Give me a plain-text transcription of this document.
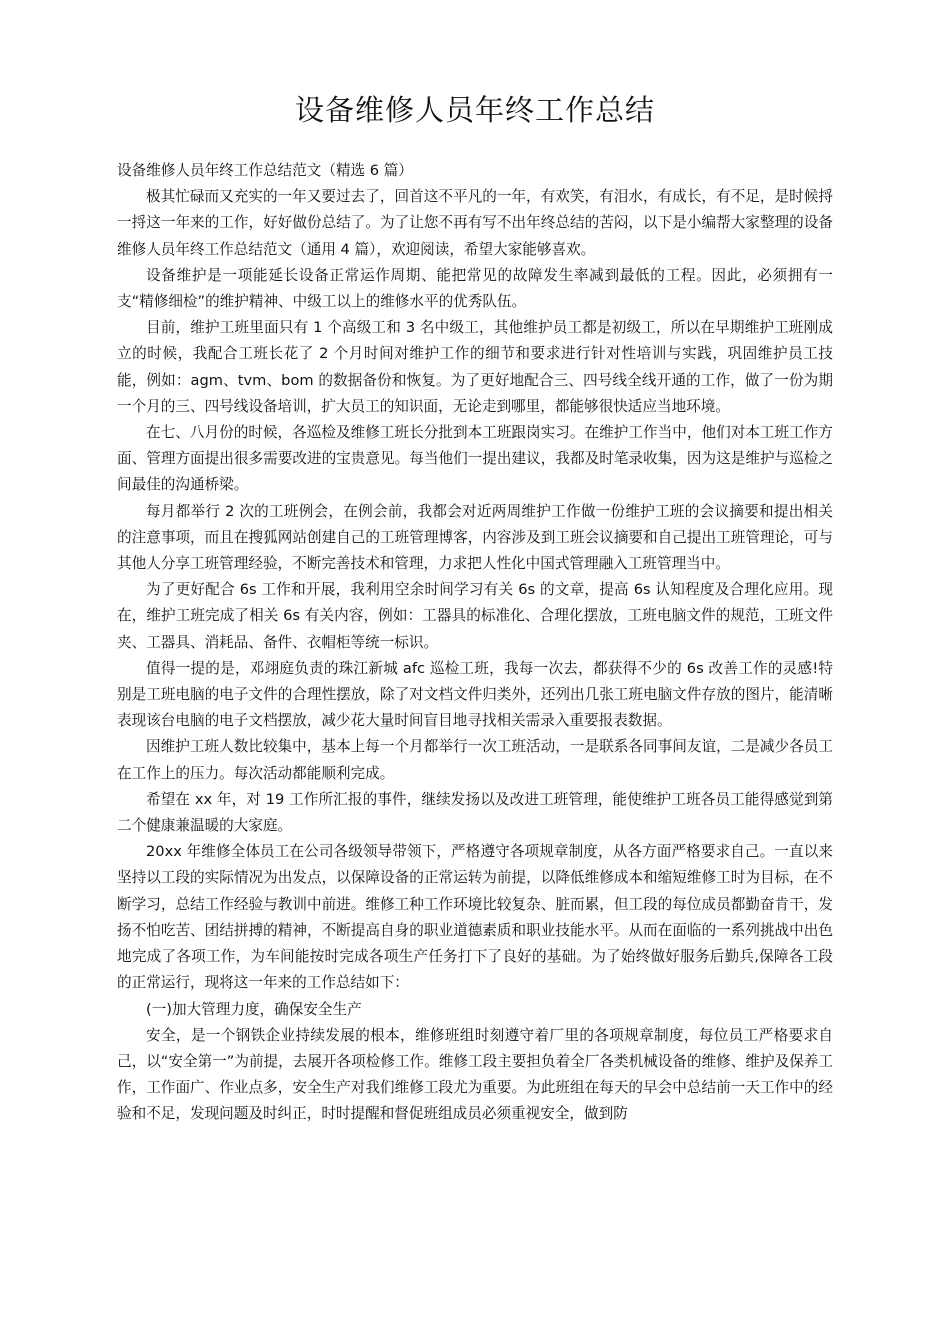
设备维修人员年终工作总结

设备维修人员年终工作总结范文（精选 6 篇）

极其忙碌而又充实的一年又要过去了，回首这不平凡的一年，有欢笑，有泪水，有成长，有不足，是时候捋一捋这一年来的工作，好好做份总结了。为了让您不再有写不出年终总结的苦闷，以下是小编帮大家整理的设备维修人员年终工作总结范文（通用 4 篇），欢迎阅读，希望大家能够喜欢。

设备维护是一项能延长设备正常运作周期、能把常见的故障发生率减到最低的工程。因此，必须拥有一支“精修细检”的维护精神、中级工以上的维修水平的优秀队伍。

目前，维护工班里面只有 1 个高级工和 3 名中级工，其他维护员工都是初级工，所以在早期维护工班刚成立的时候，我配合工班长花了 2 个月时间对维护工作的细节和要求进行针对性培训与实践，巩固维护员工技能，例如：agm、tvm、bom 的数据备份和恢复。为了更好地配合三、四号线全线开通的工作，做了一份为期一个月的三、四号线设备培训，扩大员工的知识面，无论走到哪里，都能够很快适应当地环境。

在七、八月份的时候，各巡检及维修工班长分批到本工班跟岗实习。在维护工作当中，他们对本工班工作方面、管理方面提出很多需要改进的宝贵意见。每当他们一提出建议，我都及时笔录收集，因为这是维护与巡检之间最佳的沟通桥梁。

每月都举行 2 次的工班例会，在例会前，我都会对近两周维护工作做一份维护工班的会议摘要和提出相关的注意事项，而且在搜狐网站创建自己的工班管理博客，内容涉及到工班会议摘要和自己提出工班管理论，可与其他人分享工班管理经验，不断完善技术和管理，力求把人性化中国式管理融入工班管理当中。

为了更好配合 6s 工作和开展，我利用空余时间学习有关 6s 的文章，提高 6s 认知程度及合理化应用。现在，维护工班完成了相关 6s 有关内容，例如：工器具的标准化、合理化摆放，工班电脑文件的规范，工班文件夹、工器具、消耗品、备件、衣帽柜等统一标识。

值得一提的是，邓翊庭负责的珠江新城 afc 巡检工班，我每一次去，都获得不少的 6s 改善工作的灵感!特别是工班电脑的电子文件的合理性摆放，除了对文档文件归类外，还列出几张工班电脑文件存放的图片，能清晰表现该台电脑的电子文档摆放，减少花大量时间盲目地寻找相关需录入重要报表数据。

因维护工班人数比较集中，基本上每一个月都举行一次工班活动，一是联系各同事间友谊，二是减少各员工在工作上的压力。每次活动都能顺利完成。

希望在 xx 年，对 19 工作所汇报的事件，继续发扬以及改进工班管理，能使维护工班各员工能得感觉到第二个健康兼温暖的大家庭。

20xx 年维修全体员工在公司各级领导带领下，严格遵守各项规章制度，从各方面严格要求自己。一直以来坚持以工段的实际情况为出发点，以保障设备的正常运转为前提，以降低维修成本和缩短维修工时为目标，在不断学习，总结工作经验与教训中前进。维修工种工作环境比较复杂、脏而累，但工段的每位成员都勤奋肯干，发扬不怕吃苦、团结拼搏的精神，不断提高自身的职业道德素质和职业技能水平。从而在面临的一系列挑战中出色地完成了各项工作，为车间能按时完成各项生产任务打下了良好的基础。为了始终做好服务后勤兵,保障各工段的正常运行，现将这一年来的工作总结如下：

(一)加大管理力度，确保安全生产

安全，是一个钢铁企业持续发展的根本，维修班组时刻遵守着厂里的各项规章制度，每位员工严格要求自己，以“安全第一”为前提，去展开各项检修工作。维修工段主要担负着全厂各类机械设备的维修、维护及保养工作，工作面广、作业点多，安全生产对我们维修工段尤为重要。为此班组在每天的早会中总结前一天工作中的经验和不足，发现问题及时纠正，时时提醒和督促班组成员必须重视安全，做到防
